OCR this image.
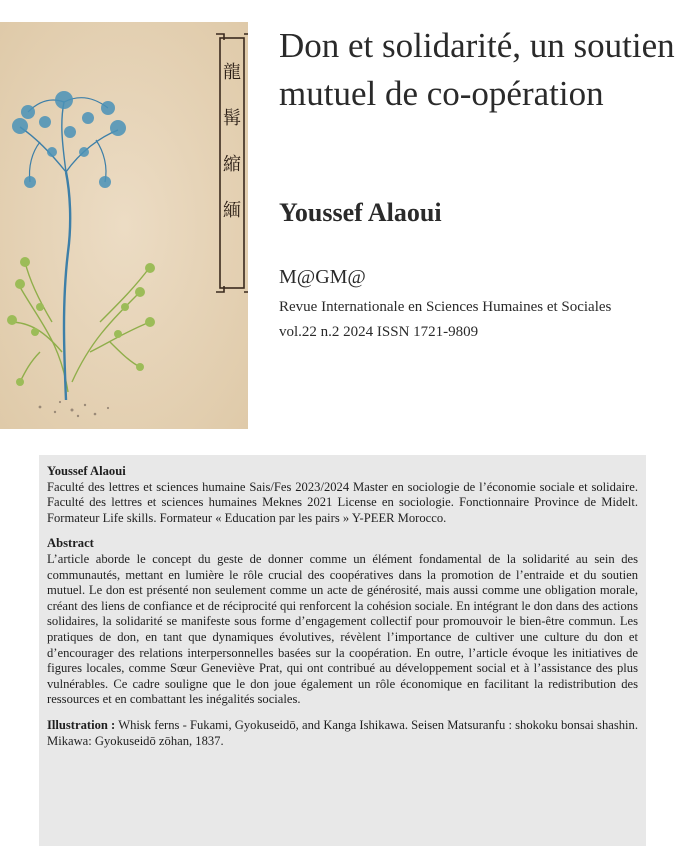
龍
髯
縮
緬
Don et solidarité, un soutien mutuel de co-opération
Youssef Alaoui
M@GM@
Revue Internationale en Sciences Humaines et Sociales
vol.22 n.2 2024 ISSN 1721-9809

Youssef Alaoui

Faculté des lettres et sciences humaine Sais/Fes 2023/2024 Master en sociologie de l’économie sociale et solidaire. Faculté des lettres et sciences humaines Meknes 2021 License en sociologie. Fonctionnaire Province de Midelt. Formateur Life skills. Formateur « Education par les pairs » Y-PEER Morocco.

Abstract

L’article aborde le concept du geste de donner comme un élément fondamental de la solidarité au sein des communautés, mettant en lumière le rôle crucial des coopératives dans la promotion de l’entraide et du soutien mutuel. Le don est présenté non seulement comme un acte de générosité, mais aussi comme une obligation morale, créant des liens de confiance et de réciprocité qui renforcent la cohésion sociale. En intégrant le don dans des actions solidaires, la solidarité se manifeste sous forme d’engagement collectif pour promouvoir le bien-être commun. Les pratiques de don, en tant que dynamiques évolutives, révèlent l’importance de cultiver une culture du don et d’encourager des relations interpersonnelles basées sur la coopération. En outre, l’article évoque les initiatives de figures locales, comme Sœur Geneviève Prat, qui ont contribué au développement social et à l’assistance des plus vulnérables. Ce cadre souligne que le don joue également un rôle économique en facilitant la redistribution des ressources et en combattant les inégalités sociales.

Illustration : Whisk ferns - Fukami, Gyokuseidō, and Kanga Ishikawa. Seisen Matsuranfu : shokoku bonsai shashin. Mikawa: Gyokuseidō zōhan, 1837.
